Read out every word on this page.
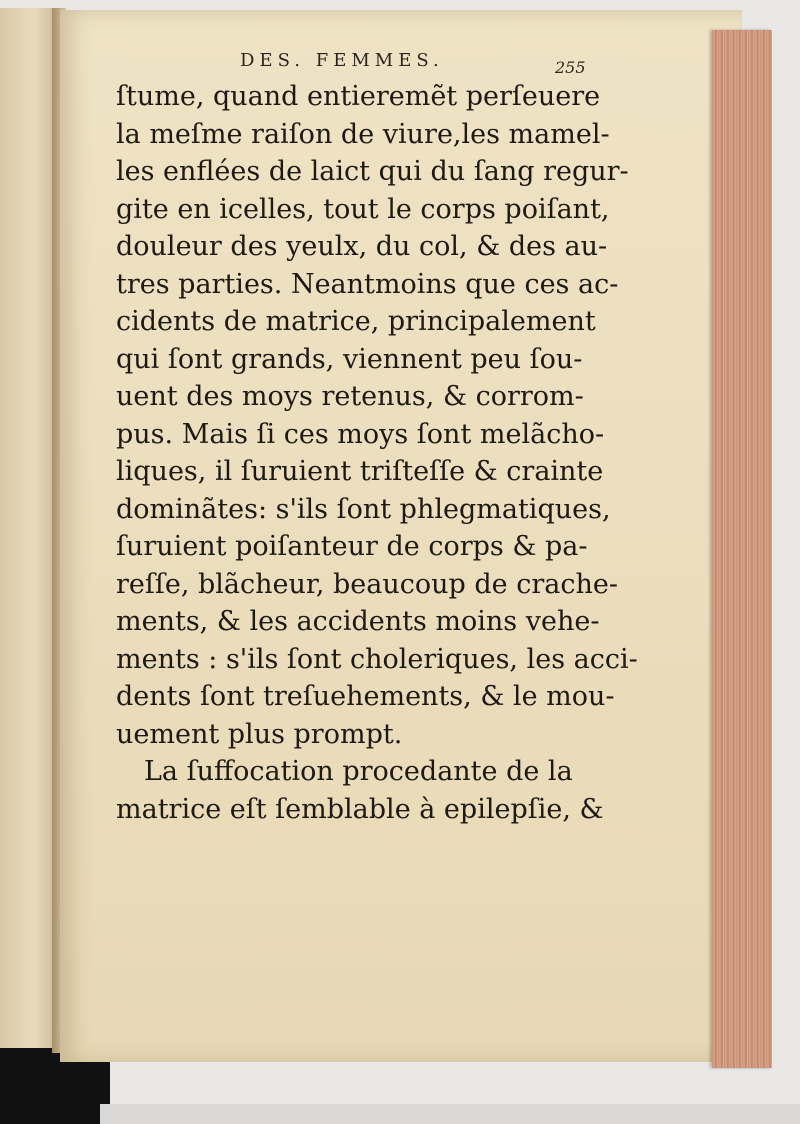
DES. FEMMES.	255
ſtume, quand entieremẽt perſeuere
la meſme raiſon de viure,les mamel-
les enflées de laict qui du ſang regur-
gite en icelles, tout le corps poiſant,
douleur des yeulx, du col, & des au-
tres parties. Neantmoins que ces ac-
cidents de matrice, principalement
qui ſont grands, viennent peu ſou-
uent des moys retenus, & corrom-
pus. Mais ſi ces moys ſont melãcho-
liques, il ſuruient triſteſſe & crainte
dominãtes: s'ils ſont phlegmatiques,
ſuruient poiſanteur de corps & pa-
reſſe, blãcheur, beaucoup de crache-
ments, & les accidents moins vehe-
ments : s'ils ſont choleriques, les acci-
dents ſont treſuehements, & le mou-
uement plus prompt.
La ſuffocation procedante de la
matrice eſt ſemblable à epilepſie, &
